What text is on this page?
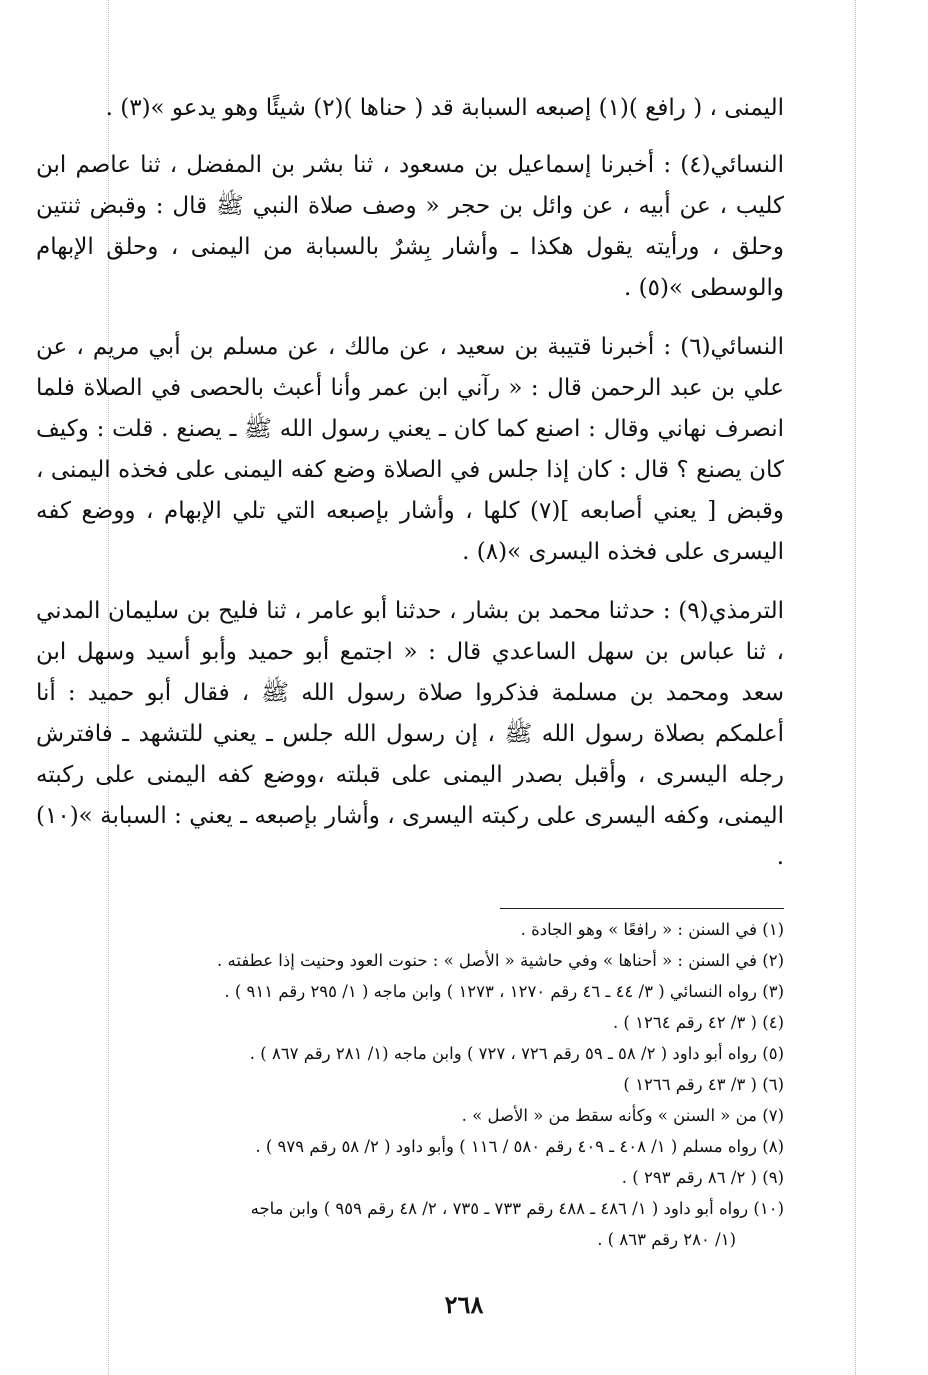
اليمنى ، ( رافع )(١) إصبعه السبابة قد ( حناها )(٢) شيئًا وهو يدعو »(٣) .

النسائي(٤) : أخبرنا إسماعيل بن مسعود ، ثنا بشر بن المفضل ، ثنا عاصم ابن كليب ، عن أبيه ، عن وائل بن حجر « وصف صلاة النبي ﷺ قال : وقبض ثنتين وحلق ، ورأيته يقول هكذا ـ وأشار بِشرٌ بالسبابة من اليمنى ، وحلق الإبهام والوسطى »(٥) .

النسائي(٦) : أخبرنا قتيبة بن سعيد ، عن مالك ، عن مسلم بن أبي مريم ، عن علي بن عبد الرحمن قال : « رآني ابن عمر وأنا أعبث بالحصى في الصلاة فلما انصرف نهاني وقال : اصنع كما كان ـ يعني رسول الله ﷺ ـ يصنع . قلت : وكيف كان يصنع ؟ قال : كان إذا جلس في الصلاة وضع كفه اليمنى على فخذه اليمنى ، وقبض [ يعني أصابعه ](٧) كلها ، وأشار بإصبعه التي تلي الإبهام ، ووضع كفه اليسرى على فخذه اليسرى »(٨) .

الترمذي(٩) : حدثنا محمد بن بشار ، حدثنا أبو عامر ، ثنا فليح بن سليمان المدني ، ثنا عباس بن سهل الساعدي قال : « اجتمع أبو حميد وأبو أسيد وسهل ابن سعد ومحمد بن مسلمة فذكروا صلاة رسول الله ﷺ ، فقال أبو حميد : أنا أعلمكم بصلاة رسول الله ﷺ ، إن رسول الله جلس ـ يعني للتشهد ـ فافترش رجله اليسرى ، وأقبل بصدر اليمنى على قبلته ،ووضع كفه اليمنى على ركبته اليمنى، وكفه اليسرى على ركبته اليسرى ، وأشار بإصبعه ـ يعني : السبابة »(١٠) .

(١) في السنن : « رافعًا » وهو الجادة .

(٢) في السنن : « أحناها » وفي حاشية « الأصل » : حنوت العود وحنيت إذا عطفته .

(٣) رواه النسائي ( ٣/ ٤٤ ـ ٤٦ رقم ١٢٧٠ ، ١٢٧٣ ) وابن ماجه ( ١/ ٢٩٥ رقم ٩١١ ) .

(٤) ( ٣/ ٤٢ رقم ١٢٦٤ ) .

(٥) رواه أبو داود ( ٢/ ٥٨ ـ ٥٩ رقم ٧٢٦ ، ٧٢٧ ) وابن ماجه (١/ ٢٨١ رقم ٨٦٧ ) .

(٦) ( ٣/ ٤٣ رقم ١٢٦٦ )

(٧) من « السنن » وكأنه سقط من « الأصل » .

(٨) رواه مسلم ( ١/ ٤٠٨ ـ ٤٠٩ رقم ٥٨٠ / ١١٦ ) وأبو داود ( ٢/ ٥٨ رقم ٩٧٩ ) .

(٩) ( ٢/ ٨٦ رقم ٢٩٣ ) .

(١٠) رواه أبو داود ( ١/ ٤٨٦ ـ ٤٨٨ رقم ٧٣٣ ـ ٧٣٥ ، ٢/ ٤٨ رقم ٩٥٩ ) وابن ماجه

(١/ ٢٨٠ رقم ٨٦٣ ) .

٢٦٨
